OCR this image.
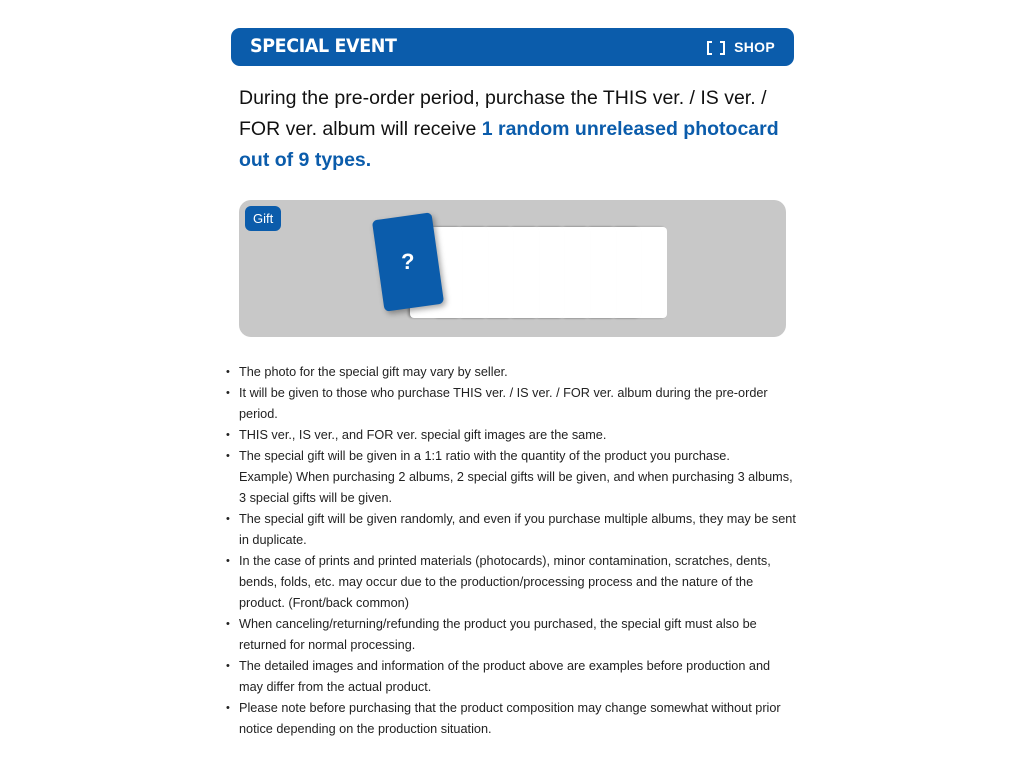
SPECIAL EVENT	SHOP

During the pre-order period, purchase the THIS ver. / IS ver. / FOR ver. album will receive 1 random unreleased photocard out of 9 types.

Gift
?
• The photo for the special gift may vary by seller.
• It will be given to those who purchase THIS ver. / IS ver. / FOR ver. album during the pre-order period.
• THIS ver., IS ver., and FOR ver. special gift images are the same.
• The special gift will be given in a 1:1 ratio with the quantity of the product you purchase.
Example) When purchasing 2 albums, 2 special gifts will be given, and when purchasing 3 albums, 3 special gifts will be given.
• The special gift will be given randomly, and even if you purchase multiple albums, they may be sent in duplicate.
• In the case of prints and printed materials (photocards), minor contamination, scratches, dents, bends, folds, etc. may occur due to the production/processing process and the nature of the product. (Front/back common)
• When canceling/returning/refunding the product you purchased, the special gift must also be returned for normal processing.
• The detailed images and information of the product above are examples before production and may differ from the actual product.
• Please note before purchasing that the product composition may change somewhat without prior notice depending on the production situation.
